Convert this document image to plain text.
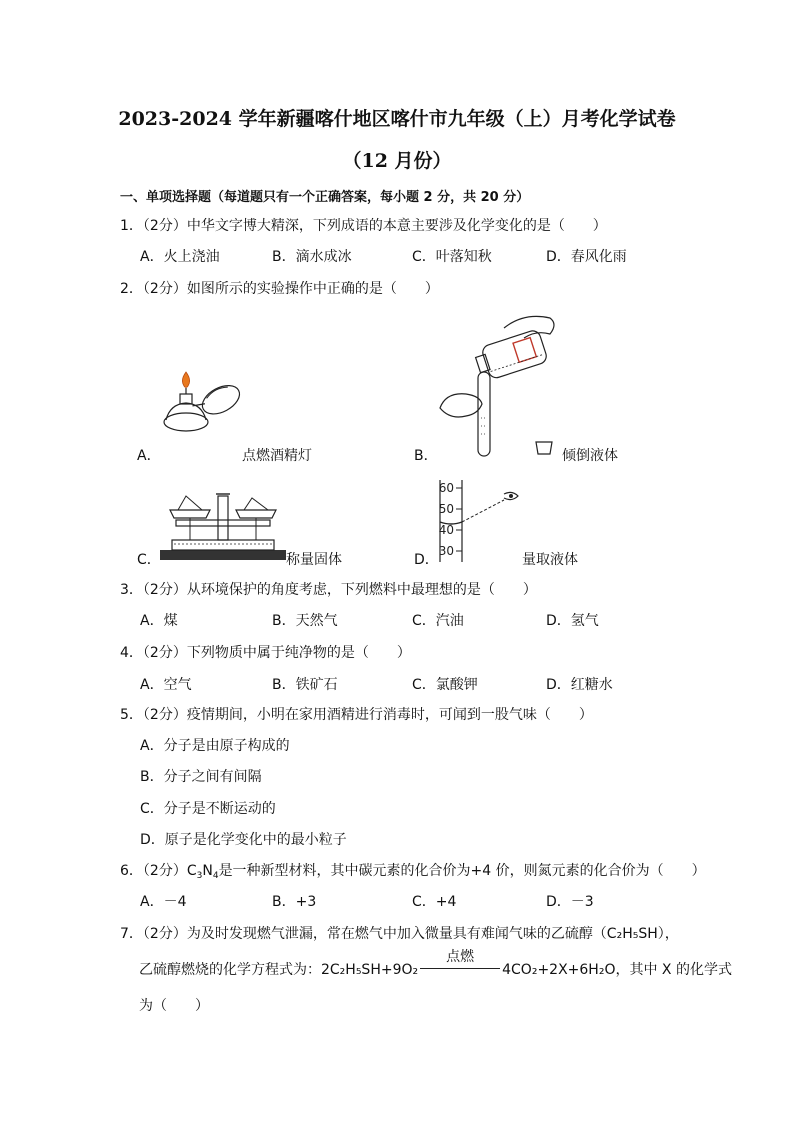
2023-2024 学年新疆喀什地区喀什市九年级（上）月考化学试卷
（12 月份）
一、单项选择题（每道题只有一个正确答案，每小题 2 分，共 20 分）
1．（2分）中华文字博大精深，下列成语的本意主要涉及化学变化的是（　　）
A．火上浇油	B．滴水成冰	C．叶落知秋	D．春风化雨
2．（2分）如图所示的实验操作中正确的是（　　）
A．	点燃酒精灯	B．	倾倒液体
C．	称量固体
60
50
40
30
D．	量取液体
3．（2分）从环境保护的角度考虑，下列燃料中最理想的是（　　）
A．煤	B．天然气	C．汽油	D．氢气
4．（2分）下列物质中属于纯净物的是（　　）
A．空气	B．铁矿石	C．氯酸钾	D．红糖水
5．（2分）疫情期间，小明在家用酒精进行消毒时，可闻到一股气味（　　）
A．分子是由原子构成的
B．分子之间有间隔
C．分子是不断运动的
D．原子是化学变化中的最小粒子
6．（2分）$C_3N_4$是一种新型材料，其中碳元素的化合价为+4 价，则氮元素的化合价为（　　）
A．－4	B．+3	C．+4	D．－3
7．（2分）为及时发现燃气泄漏，常在燃气中加入微量具有难闻气味的乙硫醇（C₂H₅SH），
乙硫醇燃烧的化学方程式为：2C₂H₅SH+9O₂
点燃
4CO₂+2X+6H₂O，其中 X 的化学式
为（　　）
